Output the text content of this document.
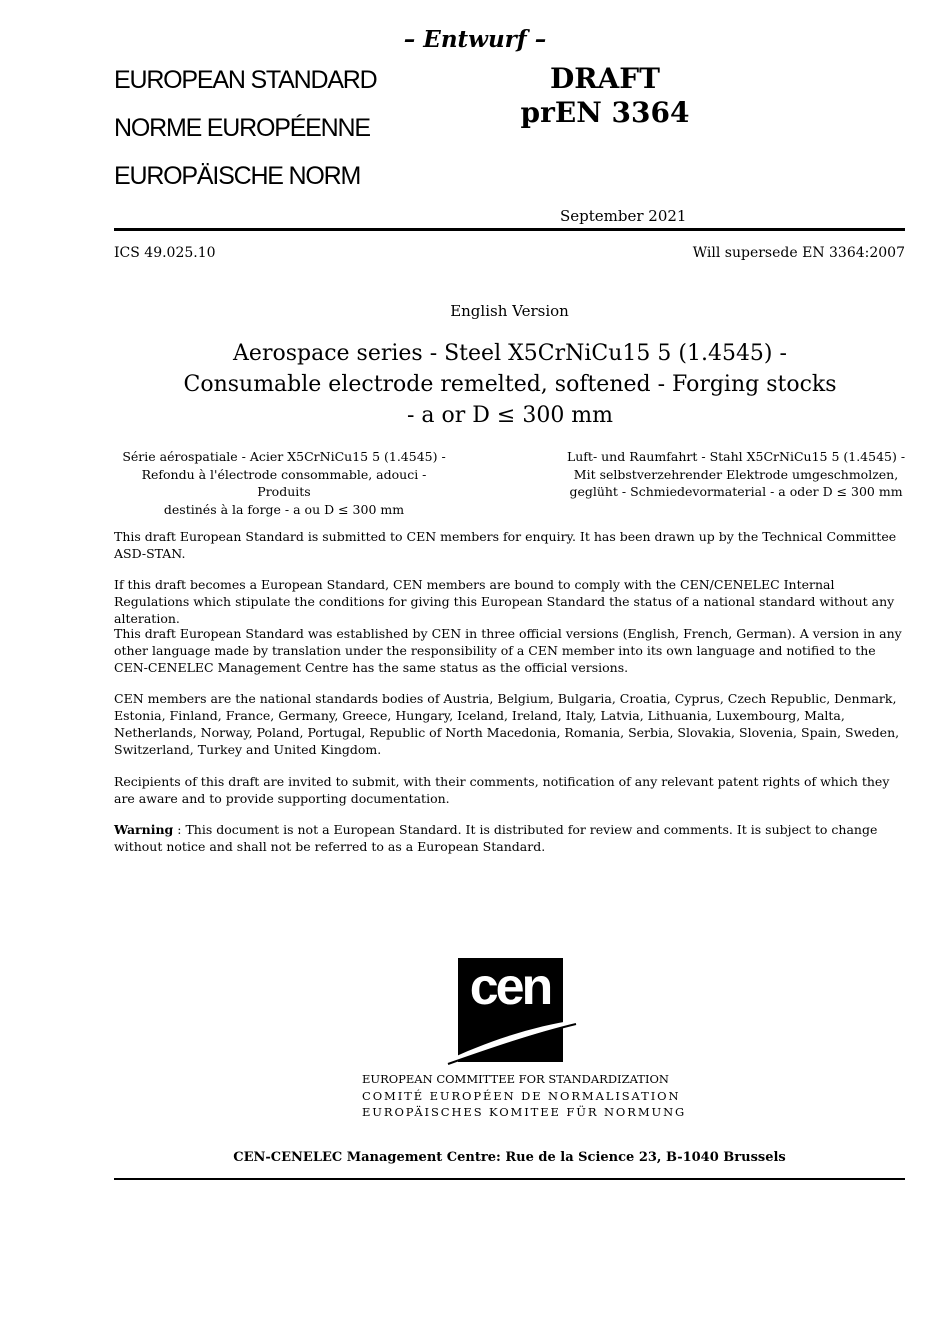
– Entwurf –
EUROPEAN STANDARD
NORME EUROPÉENNE
EUROPÄISCHE NORM
DRAFT
prEN 3364
September 2021
ICS 49.025.10	Will supersede EN 3364:2007
English Version
Aerospace series - Steel X5CrNiCu15 5 (1.4545) -
Consumable electrode remelted, softened - Forging stocks
- a or D ≤ 300 mm
Série aérospatiale - Acier X5CrNiCu15 5 (1.4545) -
Refondu à l'électrode consommable, adouci - Produits
destinés à la forge - a ou D ≤ 300 mm
Luft- und Raumfahrt - Stahl X5CrNiCu15 5 (1.4545) -
Mit selbstverzehrender Elektrode umgeschmolzen,
geglüht - Schmiedevormaterial - a oder D ≤ 300 mm
This draft European Standard is submitted to CEN members for enquiry. It has been drawn up by the Technical Committee ASD-STAN.
If this draft becomes a European Standard, CEN members are bound to comply with the CEN/CENELEC Internal Regulations which stipulate the conditions for giving this European Standard the status of a national standard without any alteration.
This draft European Standard was established by CEN in three official versions (English, French, German). A version in any other language made by translation under the responsibility of a CEN member into its own language and notified to the CEN-CENELEC Management Centre has the same status as the official versions.
CEN members are the national standards bodies of Austria, Belgium, Bulgaria, Croatia, Cyprus, Czech Republic, Denmark, Estonia, Finland, France, Germany, Greece, Hungary, Iceland, Ireland, Italy, Latvia, Lithuania, Luxembourg, Malta, Netherlands, Norway, Poland, Portugal, Republic of North Macedonia, Romania, Serbia, Slovakia, Slovenia, Spain, Sweden, Switzerland, Turkey and United Kingdom.
Recipients of this draft are invited to submit, with their comments, notification of any relevant patent rights of which they are aware and to provide supporting documentation.
Warning : This document is not a European Standard. It is distributed for review and comments. It is subject to change without notice and shall not be referred to as a European Standard.
cen
EUROPEAN COMMITTEE FOR STANDARDIZATION
COMITÉ EUROPÉEN DE NORMALISATION
EUROPÄISCHES KOMITEE FÜR NORMUNG
CEN-CENELEC Management Centre: Rue de la Science 23, B-1040 Brussels
